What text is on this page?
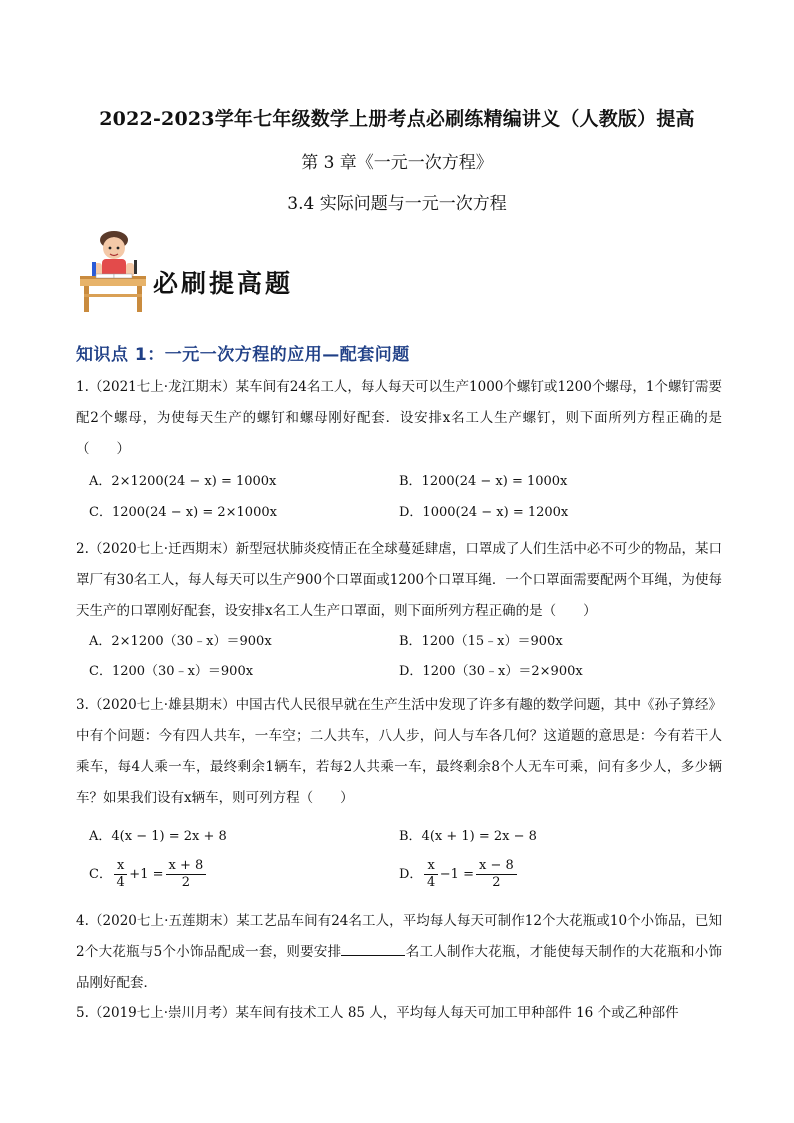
2022-2023学年七年级数学上册考点必刷练精编讲义（人教版）提高
第 3 章《一元一次方程》
3.4 实际问题与一元一次方程
必刷提高题
知识点 1：一元一次方程的应用—配套问题
1.（2021七上·龙江期末）某车间有24名工人，每人每天可以生产1000个螺钉或1200个螺母，1个螺钉需要配2个螺母，为使每天生产的螺钉和螺母刚好配套．设安排x名工人生产螺钉，则下面所列方程正确的是（　　）
A．2×1200(24 − x) = 1000x	B．1200(24 − x) = 1000x
C．1200(24 − x) = 2×1000x	D．1000(24 − x) = 1200x
2.（2020七上·迁西期末）新型冠状肺炎疫情正在全球蔓延肆虐，口罩成了人们生活中必不可少的物品，某口罩厂有30名工人，每人每天可以生产900个口罩面或1200个口罩耳绳．一个口罩面需要配两个耳绳，为使每天生产的口罩刚好配套，设安排x名工人生产口罩面，则下面所列方程正确的是（　　）
A．2×1200（30﹣x）＝900x	B．1200（15﹣x）＝900x
C．1200（30﹣x）＝900x	D．1200（30﹣x）＝2×900x
3.（2020七上·雄县期末）中国古代人民很早就在生产生活中发现了许多有趣的数学问题，其中《孙子算经》中有个问题：今有四人共车，一车空；二人共车，八人步，问人与车各几何？这道题的意思是：今有若干人乘车，每4人乘一车，最终剩余1辆车，若每2人共乘一车，最终剩余8个人无车可乘，问有多少人，多少辆车？如果我们设有x辆车，则可列方程（　　）
A．4(x − 1) = 2x + 8	B．4(x + 1) = 2x − 8
C． $\frac{x}{4} +1 = \frac{x + 8}{2}$	D． $\frac{x}{4} -1 = \frac{x - 8}{2}$
4.（2020七上·五莲期末）某工艺品车间有24名工人，平均每人每天可制作12个大花瓶或10个小饰品，已知2个大花瓶与5个小饰品配成一套，则要安排	名工人制作大花瓶，才能使每天制作的大花瓶和小饰品刚好配套．
5.（2019七上·崇川月考）某车间有技术工人 85 人，平均每人每天可加工甲种部件 16 个或乙种部件
